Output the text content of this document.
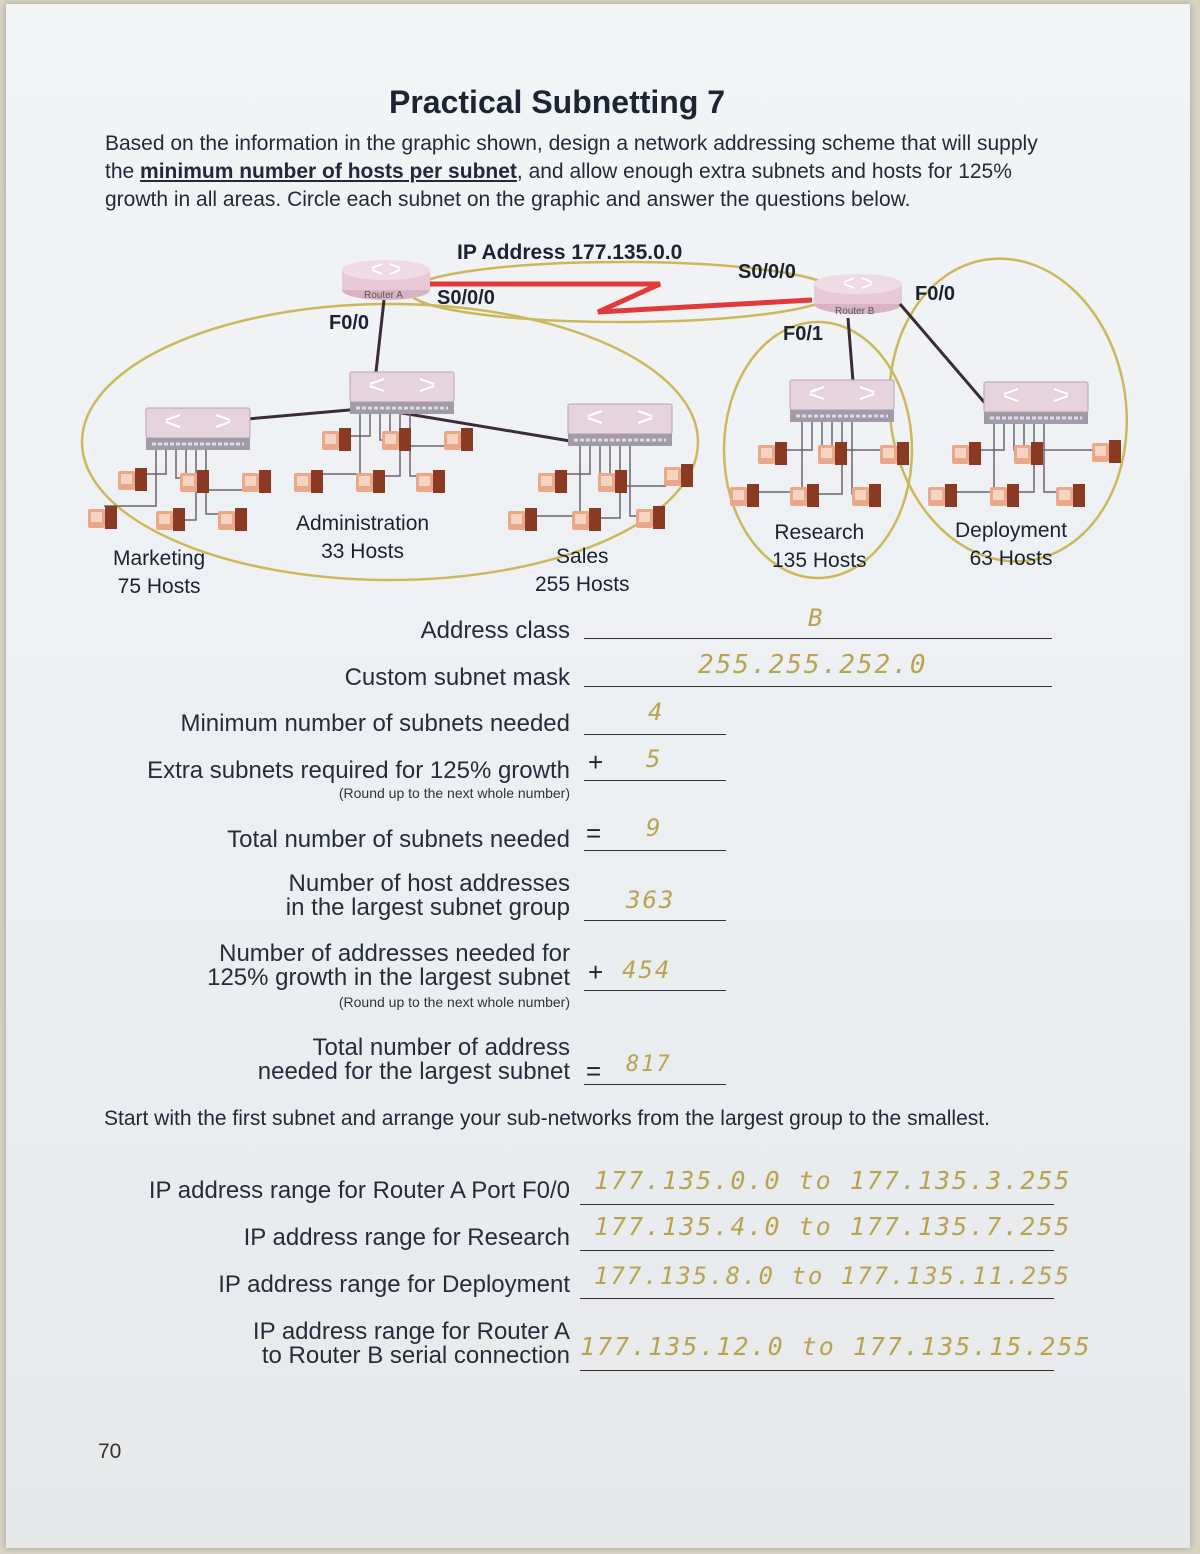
Practical Subnetting 7
Based on the information in the graphic shown, design a network addressing scheme that will supply the minimum number of hosts per subnet, and allow enough extra subnets and hosts for 125% growth in all areas. Circle each subnet on the graphic and answer the questions below.
IP Address 177.135.0.0
Router A
Router B
S0/0/0
S0/0/0
F0/0	F0/1
F0/0
Marketing
75 Hosts
Administration
33 Hosts	Sales
255 Hosts
Research
135 Hosts
Deployment
63 Hosts
Address class	B
Custom subnet mask	255.255.252.0
Minimum number of subnets needed	4
Extra subnets required for 125% growth
(Round up to the next whole number)
+ 5
Total number of subnets needed = 9
Number of host addresses
in the largest subnet group 363
Number of addresses needed for
125% growth in the largest subnet
(Round up to the next whole number)
+ 454
Total number of address
needed for the largest subnet = 817
Start with the first subnet and arrange your sub-networks from the largest group to the smallest.
IP address range for Router A Port F0/0 177.135.0.0 to 177.135.3.255
IP address range for Research 177.135.4.0 to 177.135.7.255
IP address range for Deployment 177.135.8.0 to 177.135.11.255
IP address range for Router A
to Router B serial connection 177.135.12.0 to 177.135.15.255
70
